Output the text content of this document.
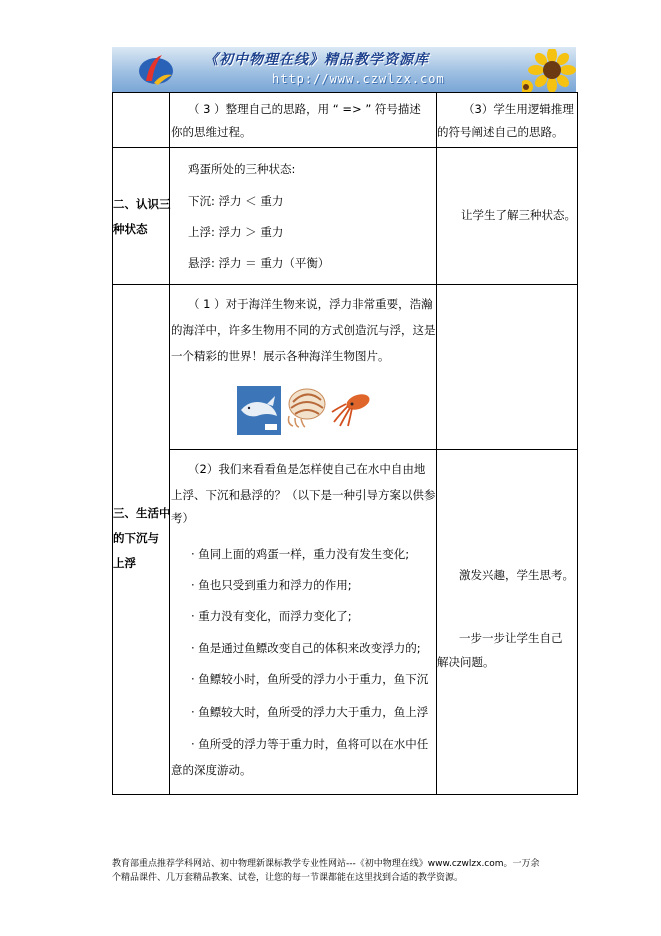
《初中物理在线》精品教学资源库
http://www.czwlzx.com
（ 3 ）整理自己的思路，用 “ => ” 符号描述
你的思维过程。
（3）学生用逻辑推理
的符号阐述自己的思路。
二、认识三
种状态
鸡蛋所处的三种状态:
下沉: 浮力 ＜ 重力
上浮: 浮力 ＞ 重力
悬浮: 浮力 ＝ 重力（平衡）
让学生了解三种状态。
三、生活中
的下沉与
上浮
（ 1 ）对于海洋生物来说，浮力非常重要，浩瀚
的海洋中，许多生物用不同的方式创造沉与浮，这是
一个精彩的世界！展示各种海洋生物图片。
（2）我们来看看鱼是怎样使自己在水中自由地
上浮、下沉和悬浮的？（以下是一种引导方案以供参
考）
· 鱼同上面的鸡蛋一样，重力没有发生变化;
· 鱼也只受到重力和浮力的作用;
· 重力没有变化，而浮力变化了;
· 鱼是通过鱼鳔改变自己的体积来改变浮力的;
· 鱼鳔较小时，鱼所受的浮力小于重力，鱼下沉
· 鱼鳔较大时，鱼所受的浮力大于重力，鱼上浮
· 鱼所受的浮力等于重力时，鱼将可以在水中任
意的深度游动。
激发兴趣，学生思考。
一步一步让学生自己
解决问题。
教育部重点推荐学科网站、初中物理新课标教学专业性网站---《初中物理在线》www.czwlzx.com。一万余
个精品课件、几万套精品教案、试卷，让您的每一节课都能在这里找到合适的教学资源。
